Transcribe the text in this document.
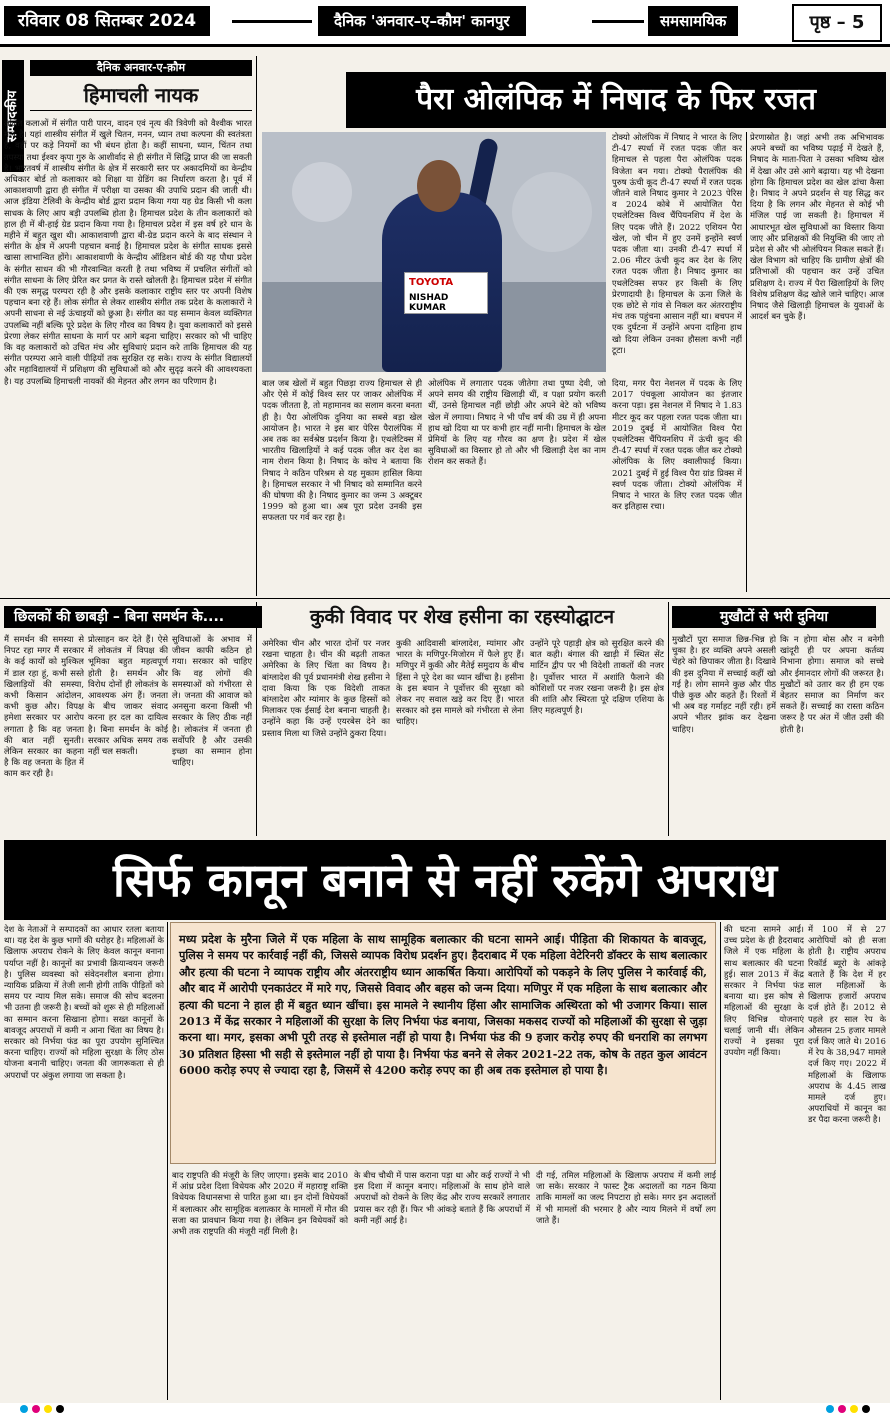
रविवार 08 सितम्बर 2024	दैनिक 'अनवार–ए–कौम' कानपुर	समसामयिक	पृष्ठ – 5
सम्पादकीय
दैनिक अनवार-ए-क़ौम
हिमाचली नायक
ललित कलाओं में संगीत पारी पारन, वादन एवं नृत्य की त्रिवेणी को वैश्वीक भारत मान है। यहां शास्त्रीय संगीत में खुले चितन, मनन, ध्यान तथा कल्पना की स्वतंत्रता है, वहीं पर कड़े नियमों का भी बंधन होता है। कहीं साधना, ध्यान, चिंतन तथा तपस्या तथा ईश्वर कृपा गुरु के आशीर्वाद से ही संगीत में सिद्धि प्राप्त की जा सकती है। भारतवर्ष में शास्त्रीय संगीत के क्षेत्र में सरकारी स्तर पर अकादमियों का केन्द्रीय अधिकार बोर्ड तो कलाकार को शिक्षा या ग्रेडिंग का निर्धारण करता है। पूर्व में आकाशवाणी द्वारा ही संगीत में परीक्षा या उसका की उपाधि प्रदान की जाती थी। आज इंडिया टेलिवी के केन्द्रीय बोर्ड द्वारा प्रदान किया गया यह ग्रेड किसी भी कला साधक के लिए आप बड़ी उपलब्धि होता है। हिमाचल प्रदेश के तीन कलाकारों को हाल ही में बी-हाई ग्रेड प्रदान किया गया है। हिमाचल प्रदेश में इस वर्ष हरे धान के महीने में बहुत खुश थी। आकाशवाणी द्वारा बी-ग्रेड प्रदान करने के बाद संस्थान ने संगीत के क्षेत्र में अपनी पहचान बनाई है। हिमाचल प्रदेश के संगीत साधक इससे खासा लाभान्वित होंगे। आकाशवाणी के केन्द्रीय ऑडिशन बोर्ड की यह पौधा प्रदेश के संगीत साधन की भी गौरवान्वित करती है तथा भविष्य में प्रचलित संगीतों को संगीत साधना के लिए प्रेरित कर प्रगत के रास्ते खोलती है। हिमाचल प्रदेश में संगीत की एक समृद्ध परम्परा रही है और इसके कलाकार राष्ट्रीय स्तर पर अपनी विशेष पहचान बना रहे हैं। लोक संगीत से लेकर शास्त्रीय संगीत तक प्रदेश के कलाकारों ने अपनी साधना से नई ऊंचाइयों को छुआ है। संगीत का यह सम्मान केवल व्यक्तिगत उपलब्धि नहीं बल्कि पूरे प्रदेश के लिए गौरव का विषय है। युवा कलाकारों को इससे प्रेरणा लेकर संगीत साधना के मार्ग पर आगे बढ़ना चाहिए। सरकार को भी चाहिए कि वह कलाकारों को उचित मंच और सुविधाएं प्रदान करे ताकि हिमाचल की यह संगीत परम्परा आने वाली पीढ़ियों तक सुरक्षित रह सके। राज्य के संगीत विद्यालयों और महाविद्यालयों में प्रशिक्षण की सुविधाओं को और सुदृढ़ करने की आवश्यकता है। यह उपलब्धि हिमाचली नायकों की मेहनत और लगन का परिणाम है।
पैरा ओलंपिक में निषाद के फिर रजत
TOYOTA
NISHAD KUMAR
टोक्यो ओलंपिक में निषाद ने भारत के लिए टी-47 स्पर्धा में रजत पदक जीत कर हिमाचल से पहला पैरा ओलंपिक पदक विजेता बन गया। टोक्यो पैरालंपिक की पुरुष ऊंची कूद टी-47 स्पर्धा में रजत पदक जीतने वाले निषाद कुमार ने 2023 पेरिस व 2024 कोबे में आयोजित पैरा एथलेटिक्स विश्व चैंपियनशिप में देश के लिए पदक जीते हैं। 2022 एशियन पैरा खेल, जो चीन में हुए उनमें इन्होंने स्वर्ण पदक जीता था। उनकी टी-47 स्पर्धा में 2.06 मीटर ऊंची कूद कर देश के लिए रजत पदक जीता है। निषाद कुमार का एथलेटिक्स सफर हर किसी के लिए प्रेरणादायी है। हिमाचल के ऊना जिले के एक छोटे से गांव से निकल कर अंतरराष्ट्रीय मंच तक पहुंचना आसान नहीं था। बचपन में एक दुर्घटना में उन्होंने अपना दाहिना हाथ खो दिया लेकिन उनका हौसला कभी नहीं टूटा।
बाल जब खेलों में बहुत पिछड़ा राज्य हिमाचल से ही और ऐसे में कोई विश्व स्तर पर जाकर ओलंपिक में पदक जीतता है, तो महामानव का सलाम करना बनता ही है। पैरा ओलंपिक दुनिया का सबसे बड़ा खेल आयोजन है। भारत ने इस बार पेरिस पैरालंपिक में अब तक का सर्वश्रेष्ठ प्रदर्शन किया है। एथलेटिक्स में भारतीय खिलाड़ियों ने कई पदक जीत कर देश का नाम रोशन किया है। निषाद के कोच ने बताया कि निषाद ने कठिन परिश्रम से यह मुकाम हासिल किया है। हिमाचल सरकार ने भी निषाद को सम्मानित करने की घोषणा की है। निषाद कुमार का जन्म 3 अक्टूबर 1999 को हुआ था। अब पूरा प्रदेश उनकी इस सफलता पर गर्व कर रहा है।
ओलंपिक में लगातार पदक जीतेगा तथा पुष्पा देवी, जो अपने समय की राष्ट्रीय खिलाड़ी थीं, व पक्षा प्रयोग करती थीं, उनसे हिमाचल नहीं छोड़ी और अपने बेटे को भविष्य खेल में लगाया। निषाद ने भी पाँच वर्ष की उम्र में ही अपना हाथ खो दिया था पर कभी हार नहीं मानी। हिमाचल के खेल प्रेमियों के लिए यह गौरव का क्षण है। प्रदेश में खेल सुविधाओं का विस्तार हो तो और भी खिलाड़ी देश का नाम रोशन कर सकते हैं।
दिया, मगर पैरा नेशनल में पदक के लिए 2017 पंचकूला आयोजन का इंतजार करना पड़ा। इस नेशनल में निषाद ने 1.83 मीटर कूद कर पहला रजत पदक जीता था। 2019 दुबई में आयोजित विश्व पैरा एथलेटिक्स चैंपियनशिप में ऊंची कूद की टी-47 स्पर्धा में रजत पदक जीत कर टोक्यो ओलंपिक के लिए क्वालीफाई किया। 2021 दुबई में हुई विश्व पैरा ग्रांड प्रिक्स में स्वर्ण पदक जीता। टोक्यो ओलंपिक में निषाद ने भारत के लिए रजत पदक जीत कर इतिहास रचा।
प्रेरणास्रोत है। जहां अभी तक अभिभावक अपने बच्चों का भविष्य पढ़ाई में देखते हैं, निषाद के माता-पिता ने उसका भविष्य खेल में देखा और उसे आगे बढ़ाया। यह भी देखना होगा कि हिमाचल प्रदेश का खेल ढांचा कैसा है। निषाद ने अपने प्रदर्शन से यह सिद्ध कर दिया है कि लगन और मेहनत से कोई भी मंजिल पाई जा सकती है। हिमाचल में आधारभूत खेल सुविधाओं का विस्तार किया जाए और प्रशिक्षकों की नियुक्ति की जाए तो प्रदेश से और भी ओलंपियन निकल सकते हैं। खेल विभाग को चाहिए कि ग्रामीण क्षेत्रों की प्रतिभाओं की पहचान कर उन्हें उचित प्रशिक्षण दे। राज्य में पैरा खिलाड़ियों के लिए विशेष प्रशिक्षण केंद्र खोले जाने चाहिए। आज निषाद जैसे खिलाड़ी हिमाचल के युवाओं के आदर्श बन चुके हैं।
छिलकों की छाबड़ी – बिना समर्थन के....
मैं समर्थन की समस्या से निपट रहा मगर मैं सरकार के कई कार्यों को मुश्किल में डाल रहा हूं, कभी सस्ते खिलाड़ियों की समस्या, कभी किसान आंदोलन, कभी कुछ और। विपक्ष हमेशा सरकार पर आरोप लगाता है कि वह जनता की बात नहीं सुनती। लेकिन सरकार का कहना है कि वह जनता के हित में काम कर रही है।
प्रोत्साहन कर देते हैं। ऐसे में लोकतंत्र में विपक्ष की भूमिका बहुत महत्वपूर्ण होती है। समर्थन और विरोध दोनों ही लोकतंत्र के आवश्यक अंग हैं। जनता के बीच जाकर संवाद करना हर दल का दायित्व है। बिना समर्थन के कोई सरकार अधिक समय तक नहीं चल सकती।
सुविधाओं के अभाव में जीवन काफी कठिन हो गया। सरकार को चाहिए कि वह लोगों की समस्याओं को गंभीरता से ले। जनता की आवाज को अनसुना करना किसी भी सरकार के लिए ठीक नहीं है। लोकतंत्र में जनता ही सर्वोपरि है और उसकी इच्छा का सम्मान होना चाहिए।
कुकी विवाद पर शेख हसीना का रहस्योद्घाटन
अमेरिका चीन और भारत दोनों पर नजर रखना चाहता है। चीन की बढ़ती ताकत अमेरिका के लिए चिंता का विषय है। बांग्लादेश की पूर्व प्रधानमंत्री शेख हसीना ने दावा किया कि एक विदेशी ताकत बांग्लादेश और म्यांमार के कुछ हिस्सों को मिलाकर एक ईसाई देश बनाना चाहती है। उन्होंने कहा कि उन्हें एयरबेस देने का प्रस्ताव मिला था जिसे उन्होंने ठुकरा दिया।
कुकी आदिवासी बांग्लादेश, म्यांमार और भारत के मणिपुर-मिजोरम में फैले हुए हैं। मणिपुर में कुकी और मैतेई समुदाय के बीच हिंसा ने पूरे देश का ध्यान खींचा है। हसीना के इस बयान ने पूर्वोत्तर की सुरक्षा को लेकर नए सवाल खड़े कर दिए हैं। भारत सरकार को इस मामले को गंभीरता से लेना चाहिए।
उन्होंने पूरे पहाड़ी क्षेत्र को सुरक्षित करने की बात कही। बंगाल की खाड़ी में स्थित सेंट मार्टिन द्वीप पर भी विदेशी ताकतों की नजर है। पूर्वोत्तर भारत में अशांति फैलाने की कोशिशों पर नजर रखना जरूरी है। इस क्षेत्र की शांति और स्थिरता पूरे दक्षिण एशिया के लिए महत्वपूर्ण है।
मुखौटों से भरी दुनिया
मुखौटों पूरा समाज छिन्न-भिन्न हो चुका है। हर व्यक्ति अपने असली चेहरे को छिपाकर जीता है। दिखावे की इस दुनिया में सच्चाई कहीं खो गई है। लोग सामने कुछ और पीठ पीछे कुछ और कहते हैं। रिश्तों में भी अब वह गर्माहट नहीं रही। हमें अपने भीतर झांक कर देखना चाहिए।
कि न होगा बोस और न बनेगी खांदूरी ही पर अपना कर्तव्य निभाना होगा। समाज को सच्चे और ईमानदार लोगों की जरूरत है। मुखौटों को उतार कर ही हम एक बेहतर समाज का निर्माण कर सकते हैं। सच्चाई का रास्ता कठिन जरूर है पर अंत में जीत उसी की होती है।
सिर्फ कानून बनाने से नहीं रुकेंगे अपराध
मध्य प्रदेश के मुरैना जिले में एक महिला के साथ सामूहिक बलात्कार की घटना सामने आई। पीड़िता की शिकायत के बावजूद, पुलिस ने समय पर कार्रवाई नहीं की, जिससे व्यापक विरोध प्रदर्शन हुए। हैदराबाद में एक महिला वेटेरिनरी डॉक्टर के साथ बलात्कार और हत्या की घटना ने व्यापक राष्ट्रीय और अंतरराष्ट्रीय ध्यान आकर्षित किया। आरोपियों को पकड़ने के लिए पुलिस ने कार्रवाई की, और बाद में आरोपी एनकाउंटर में मारे गए, जिससे विवाद और बहस को जन्म दिया। मणिपुर में एक महिला के साथ बलात्कार और हत्या की घटना ने हाल ही में बहुत ध्यान खींचा। इस मामले ने स्थानीय हिंसा और सामाजिक अस्थिरता को भी उजागर किया। साल 2013 में केंद्र सरकार ने महिलाओं की सुरक्षा के लिए निर्भया फंड बनाया, जिसका मकसद राज्यों को महिलाओं की सुरक्षा से जुड़ा करना था। मगर, इसका अभी पूरी तरह से इस्तेमाल नहीं हो पाया है। निर्भया फंड की 9 हजार करोड़ रुपए की धनराशि का लगभग 30 प्रतिशत हिस्सा भी सही से इस्तेमाल नहीं हो पाया है। निर्भया फंड बनने से लेकर 2021-22 तक, कोष के तहत कुल आवंटन 6000 करोड़ रुपए से ज्यादा रहा है, जिसमें से 4200 करोड़ रुपए का ही अब तक इस्तेमाल हो पाया है।
देश के नेताओं ने सम्पादकों का आधार रतला बताया था। यह देश के कुछ भागों की धरोहर है। महिलाओं के खिलाफ अपराध रोकने के लिए केवल कानून बनाना पर्याप्त नहीं है। कानूनों का प्रभावी क्रियान्वयन जरूरी है। पुलिस व्यवस्था को संवेदनशील बनाना होगा। न्यायिक प्रक्रिया में तेजी लानी होगी ताकि पीड़ितों को समय पर न्याय मिल सके। समाज की सोच बदलना भी उतना ही जरूरी है। बच्चों को शुरू से ही महिलाओं का सम्मान करना सिखाना होगा। सख्त कानूनों के बावजूद अपराधों में कमी न आना चिंता का विषय है। सरकार को निर्भया फंड का पूरा उपयोग सुनिश्चित करना चाहिए। राज्यों को महिला सुरक्षा के लिए ठोस योजना बनानी चाहिए। जनता की जागरूकता से ही अपराधों पर अंकुश लगाया जा सकता है।
बाद राष्ट्रपति की मंजूरी के लिए जाएगा। इसके बाद 2010 में आंध्र प्रदेश दिशा विधेयक और 2020 में महाराष्ट्र शक्ति विधेयक विधानसभा से पारित हुआ था। इन दोनों विधेयकों में बलात्कार और सामूहिक बलात्कार के मामलों में मौत की सजा का प्रावधान किया गया है। लेकिन इन विधेयकों को अभी तक राष्ट्रपति की मंजूरी नहीं मिली है।
के बीच चौथी में पास कराना पड़ा था और कई राज्यों ने भी इस दिशा में कानून बनाए। महिलाओं के साथ होने वाले अपराधों को रोकने के लिए केंद्र और राज्य सरकारें लगातार प्रयास कर रही हैं। फिर भी आंकड़े बताते हैं कि अपराधों में कमी नहीं आई है।
दी गई, तमिल महिलाओं के खिलाफ अपराध में कमी लाई जा सके। सरकार ने फास्ट ट्रैक अदालतों का गठन किया ताकि मामलों का जल्द निपटारा हो सके। मगर इन अदालतों में भी मामलों की भरमार है और न्याय मिलने में वर्षों लग जाते हैं।
की घटना सामने आई। उच्च प्रदेश के ही हैदराबाद जिले में एक महिला के साथ बलात्कार की घटना हुई। साल 2013 में केंद्र सरकार ने निर्भया फंड बनाया था। इस कोष से महिलाओं की सुरक्षा के लिए विभिन्न योजनाएं चलाई जानी थीं। लेकिन राज्यों ने इसका पूरा उपयोग नहीं किया।
में 100 में से 27 आरोपियों को ही सजा होती है। राष्ट्रीय अपराध रिकॉर्ड ब्यूरो के आंकड़े बताते हैं कि देश में हर साल महिलाओं के खिलाफ हजारों अपराध दर्ज होते हैं। 2012 से पहले हर साल रेप के औसतन 25 हजार मामले दर्ज किए जाते थे। 2016 में रेप के 38,947 मामले दर्ज किए गए। 2022 में महिलाओं के खिलाफ अपराध के 4.45 लाख मामले दर्ज हुए। अपराधियों में कानून का डर पैदा करना जरूरी है।
